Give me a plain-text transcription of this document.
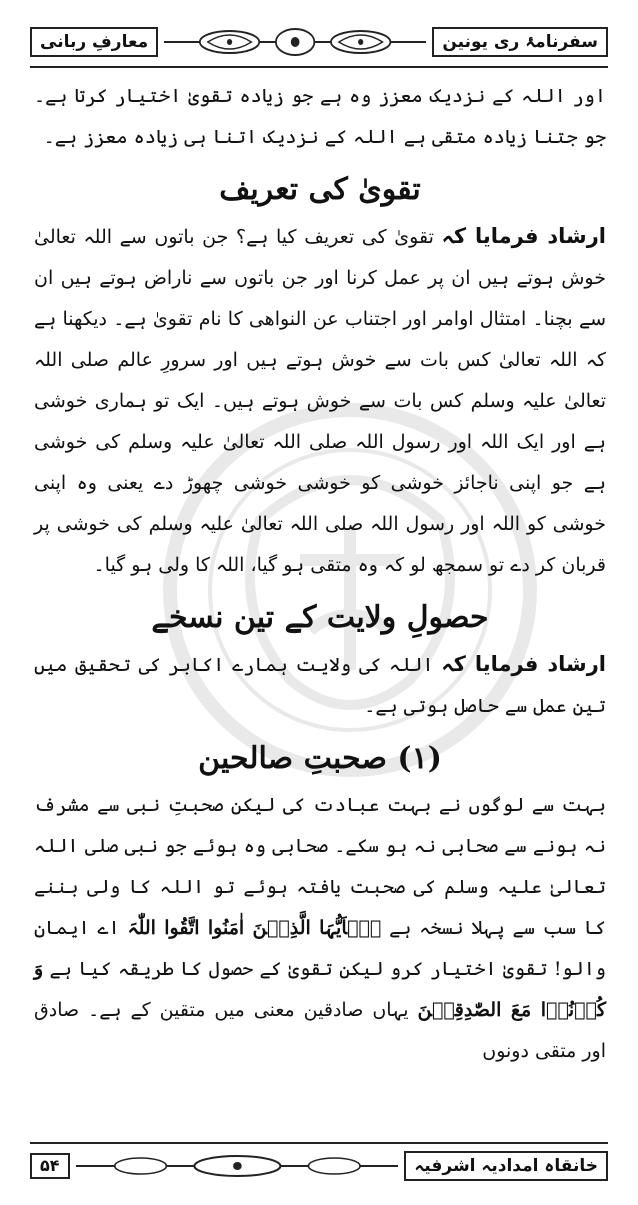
معارفِ ربانی	سفرنامۂ ری یونین

اور اللہ کے نزدیک معزز وہ ہے جو زیادہ تقویٰ اختیار کرتا ہے۔ جو جتنا زیادہ متقی ہے اللہ کے نزدیک اتنا ہی زیادہ معزز ہے۔

تقویٰ کی تعریف

ارشاد فرمایا کہ تقویٰ کی تعریف کیا ہے؟ جن باتوں سے اللہ تعالیٰ خوش ہوتے ہیں ان پر عمل کرنا اور جن باتوں سے ناراض ہوتے ہیں ان سے بچنا۔ امتثال اوامر اور اجتناب عن النواھی کا نام تقویٰ ہے۔ دیکھنا ہے کہ اللہ تعالیٰ کس بات سے خوش ہوتے ہیں اور سرورِ عالم صلی اللہ تعالیٰ علیہ وسلم کس بات سے خوش ہوتے ہیں۔ ایک تو ہماری خوشی ہے اور ایک اللہ اور رسول اللہ صلی اللہ تعالیٰ علیہ وسلم کی خوشی ہے جو اپنی ناجائز خوشی کو خوشی خوشی چھوڑ دے یعنی وہ اپنی خوشی کو اللہ اور رسول اللہ صلی اللہ تعالیٰ علیہ وسلم کی خوشی پر قربان کر دے تو سمجھ لو کہ وہ متقی ہو گیا، اللہ کا ولی ہو گیا۔

حصولِ ولایت کے تین نسخے

ارشاد فرمایا کہ اللہ کی ولایت ہمارے اکابر کی تحقیق میں تین عمل سے حاصل ہوتی ہے۔

(۱) صحبتِ صالحین

بہت سے لوگوں نے بہت عبادت کی لیکن صحبتِ نبی سے مشرف نہ ہونے سے صحابی نہ ہو سکے۔ صحابی وہ ہوئے جو نبی صلی اللہ تعالیٰ علیہ وسلم کی صحبت یافتہ ہوئے تو اللہ کا ولی بننے کا سب سے پہلا نسخہ ہے یٰۤاَیُّہَا الَّذِیۡنَ اٰمَنُوا اتَّقُوا اللّٰہَ اے ایمان والو! تقویٰ اختیار کرو لیکن تقویٰ کے حصول کا طریقہ کیا ہے وَ کُوۡنُوۡا مَعَ الصّٰدِقِیۡنَ یہاں صادقین معنی میں متقین کے ہے۔ صادق اور متقی دونوں

۵۴	خانقاہ امدادیہ اشرفیہ
